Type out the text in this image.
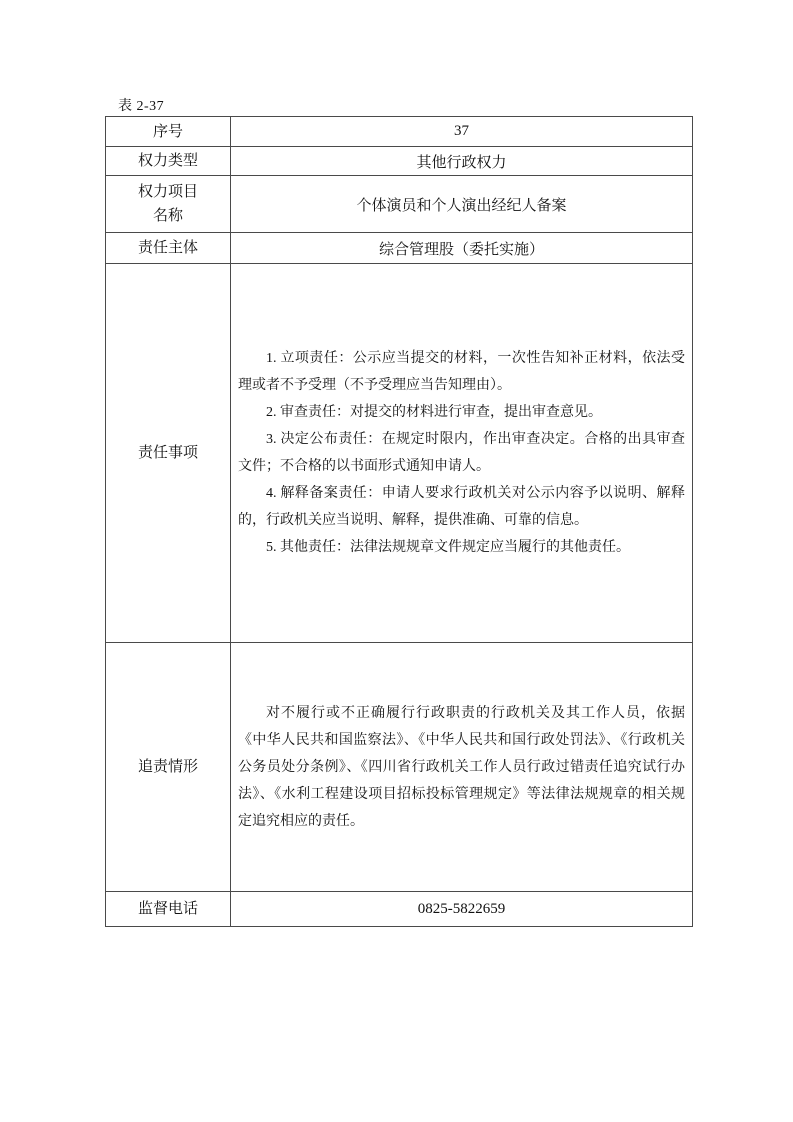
表 2-37
序号	37
权力类型	其他行政权力

权力项目
名称	个体演员和个人演出经纪人备案
责任主体	综合管理股（委托实施）
责任事项	1. 立项责任：公示应当提交的材料，一次性告知补正材料，依法受理或者不予受理（不予受理应当告知理由）。

2. 审查责任：对提交的材料进行审查，提出审查意见。

3. 决定公布责任：在规定时限内，作出审查决定。合格的出具审查文件；不合格的以书面形式通知申请人。

4. 解释备案责任：申请人要求行政机关对公示内容予以说明、解释的，行政机关应当说明、解释，提供准确、可靠的信息。

5. 其他责任：法律法规规章文件规定应当履行的其他责任。

追责情形	对不履行或不正确履行行政职责的行政机关及其工作人员，依据《中华人民共和国监察法》、《中华人民共和国行政处罚法》、《行政机关公务员处分条例》、《四川省行政机关工作人员行政过错责任追究试行办法》、《水利工程建设项目招标投标管理规定》等法律法规规章的相关规定追究相应的责任。

监督电话	0825-5822659
